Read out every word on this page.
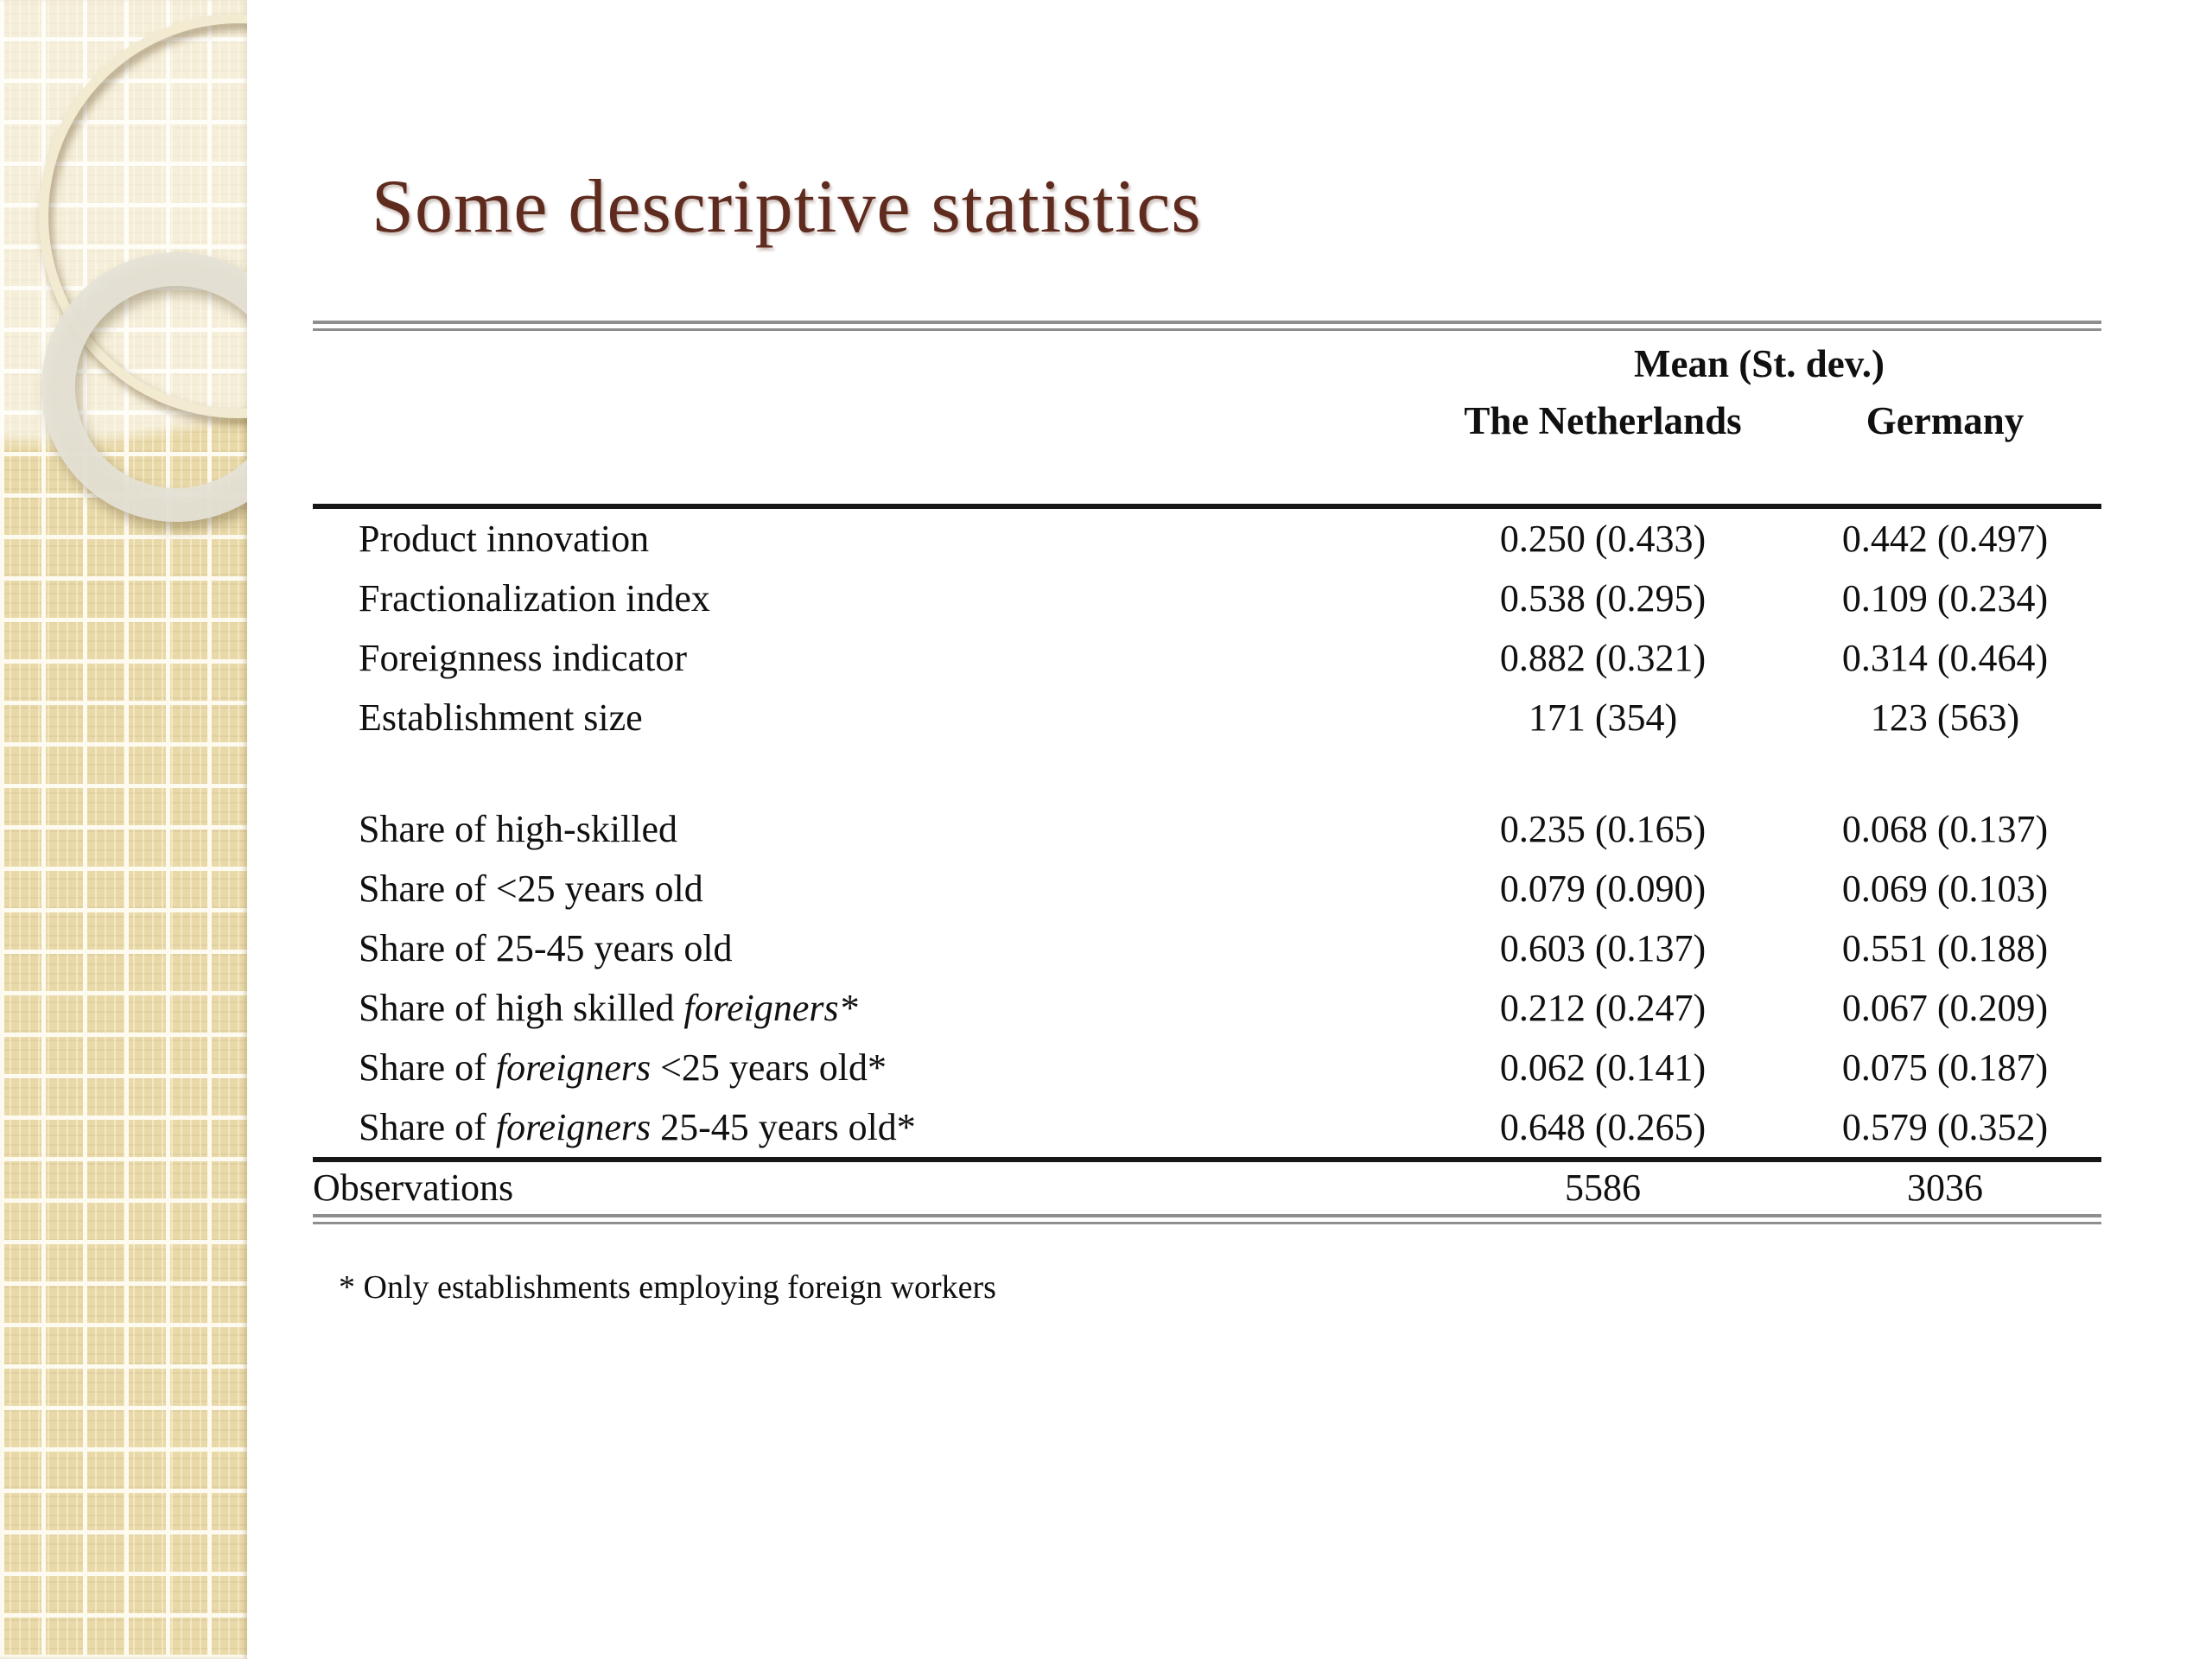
Some descriptive statistics
Mean (St. dev.)
The Netherlands	Germany
Product innovation	0.250 (0.433)	0.442 (0.497)
Fractionalization index	0.538 (0.295)	0.109 (0.234)
Foreignness indicator	0.882 (0.321)	0.314 (0.464)
Establishment size	171 (354)	123 (563)
Share of high-skilled	0.235 (0.165)	0.068 (0.137)
Share of <25 years old	0.079 (0.090)	0.069 (0.103)
Share of 25-45 years old	0.603 (0.137)	0.551 (0.188)
Share of high skilled foreigners*	0.212 (0.247)	0.067 (0.209)
Share of foreigners <25 years old*	0.062 (0.141)	0.075 (0.187)
Share of foreigners 25-45 years old*	0.648 (0.265)	0.579 (0.352)
Observations	5586	3036
* Only establishments employing foreign workers
